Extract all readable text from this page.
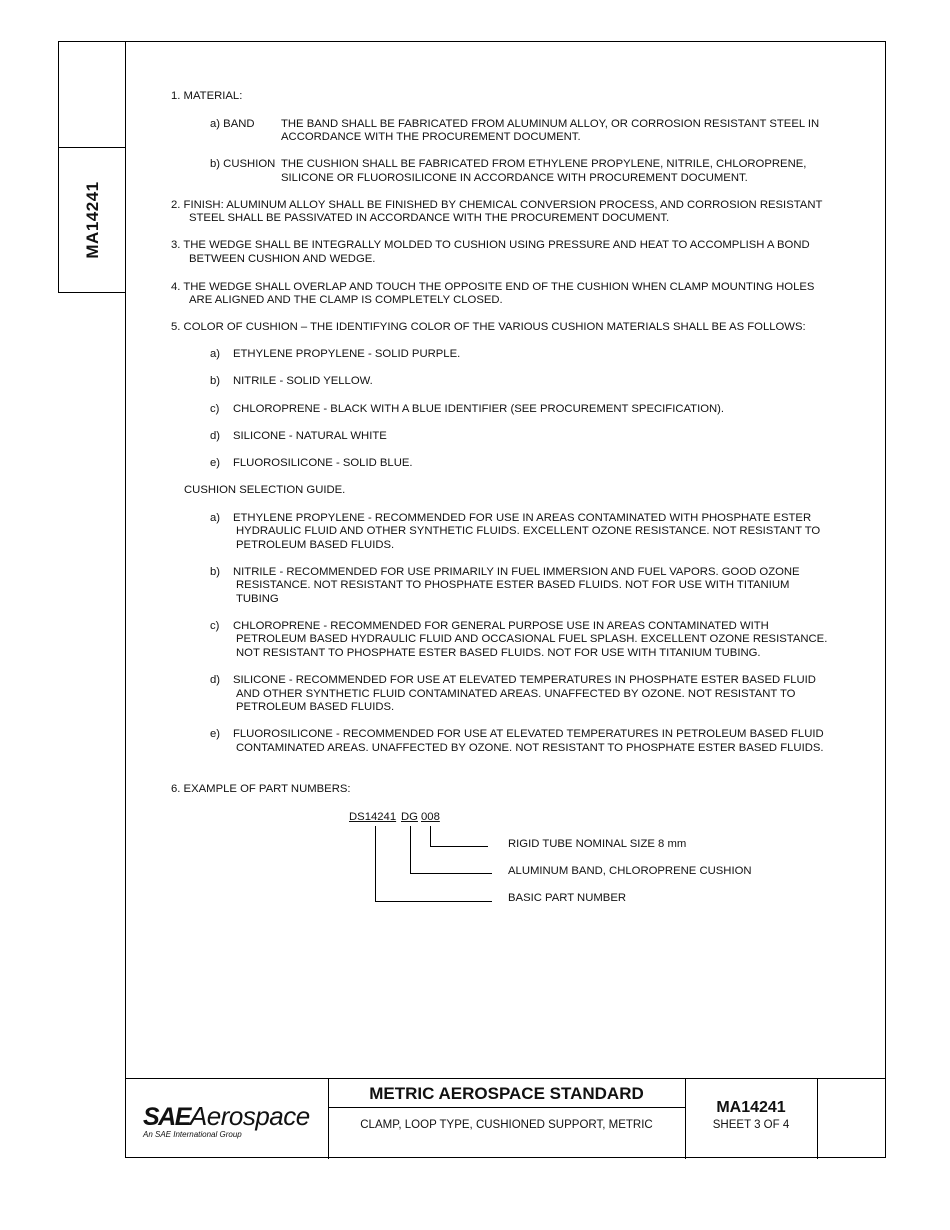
MA14241
1. MATERIAL:
a) BAND THE BAND SHALL BE FABRICATED FROM ALUMINUM ALLOY, OR CORROSION RESISTANT STEEL IN
ACCORDANCE WITH THE PROCUREMENT DOCUMENT.
b) CUSHION THE CUSHION SHALL BE FABRICATED FROM ETHYLENE PROPYLENE, NITRILE, CHLOROPRENE,
SILICONE OR FLUOROSILICONE IN ACCORDANCE WITH PROCUREMENT DOCUMENT.
2. FINISH: ALUMINUM ALLOY SHALL BE FINISHED BY CHEMICAL CONVERSION PROCESS, AND CORROSION RESISTANT
STEEL SHALL BE PASSIVATED IN ACCORDANCE WITH THE PROCUREMENT DOCUMENT.
3. THE WEDGE SHALL BE INTEGRALLY MOLDED TO CUSHION USING PRESSURE AND HEAT TO ACCOMPLISH A BOND
BETWEEN CUSHION AND WEDGE.
4. THE WEDGE SHALL OVERLAP AND TOUCH THE OPPOSITE END OF THE CUSHION WHEN CLAMP MOUNTING HOLES
ARE ALIGNED AND THE CLAMP IS COMPLETELY CLOSED.
5. COLOR OF CUSHION – THE IDENTIFYING COLOR OF THE VARIOUS CUSHION MATERIALS SHALL BE AS FOLLOWS:
a) ETHYLENE PROPYLENE - SOLID PURPLE.
b) NITRILE - SOLID YELLOW.
c) CHLOROPRENE - BLACK WITH A BLUE IDENTIFIER (SEE PROCUREMENT SPECIFICATION).
d) SILICONE - NATURAL WHITE
e) FLUOROSILICONE - SOLID BLUE.
CUSHION SELECTION GUIDE.
a) ETHYLENE PROPYLENE - RECOMMENDED FOR USE IN AREAS CONTAMINATED WITH PHOSPHATE ESTER
HYDRAULIC FLUID AND OTHER SYNTHETIC FLUIDS. EXCELLENT OZONE RESISTANCE. NOT RESISTANT TO
PETROLEUM BASED FLUIDS.
b) NITRILE - RECOMMENDED FOR USE PRIMARILY IN FUEL IMMERSION AND FUEL VAPORS. GOOD OZONE
RESISTANCE. NOT RESISTANT TO PHOSPHATE ESTER BASED FLUIDS. NOT FOR USE WITH TITANIUM
TUBING
c) CHLOROPRENE - RECOMMENDED FOR GENERAL PURPOSE USE IN AREAS CONTAMINATED WITH
PETROLEUM BASED HYDRAULIC FLUID AND OCCASIONAL FUEL SPLASH. EXCELLENT OZONE RESISTANCE.
NOT RESISTANT TO PHOSPHATE ESTER BASED FLUIDS. NOT FOR USE WITH TITANIUM TUBING.
d) SILICONE - RECOMMENDED FOR USE AT ELEVATED TEMPERATURES IN PHOSPHATE ESTER BASED FLUID
AND OTHER SYNTHETIC FLUID CONTAMINATED AREAS. UNAFFECTED BY OZONE. NOT RESISTANT TO
PETROLEUM BASED FLUIDS.
e) FLUOROSILICONE - RECOMMENDED FOR USE AT ELEVATED TEMPERATURES IN PETROLEUM BASED FLUID
CONTAMINATED AREAS. UNAFFECTED BY OZONE. NOT RESISTANT TO PHOSPHATE ESTER BASED FLUIDS.
6. EXAMPLE OF PART NUMBERS:
DS14241 DG 008
RIGID TUBE NOMINAL SIZE 8 mm
ALUMINUM BAND, CHLOROPRENE CUSHION
BASIC PART NUMBER
SAEAerospace
An SAE International Group
METRIC AEROSPACE STANDARD
CLAMP, LOOP TYPE, CUSHIONED SUPPORT, METRIC
MA14241
SHEET 3 OF 4
